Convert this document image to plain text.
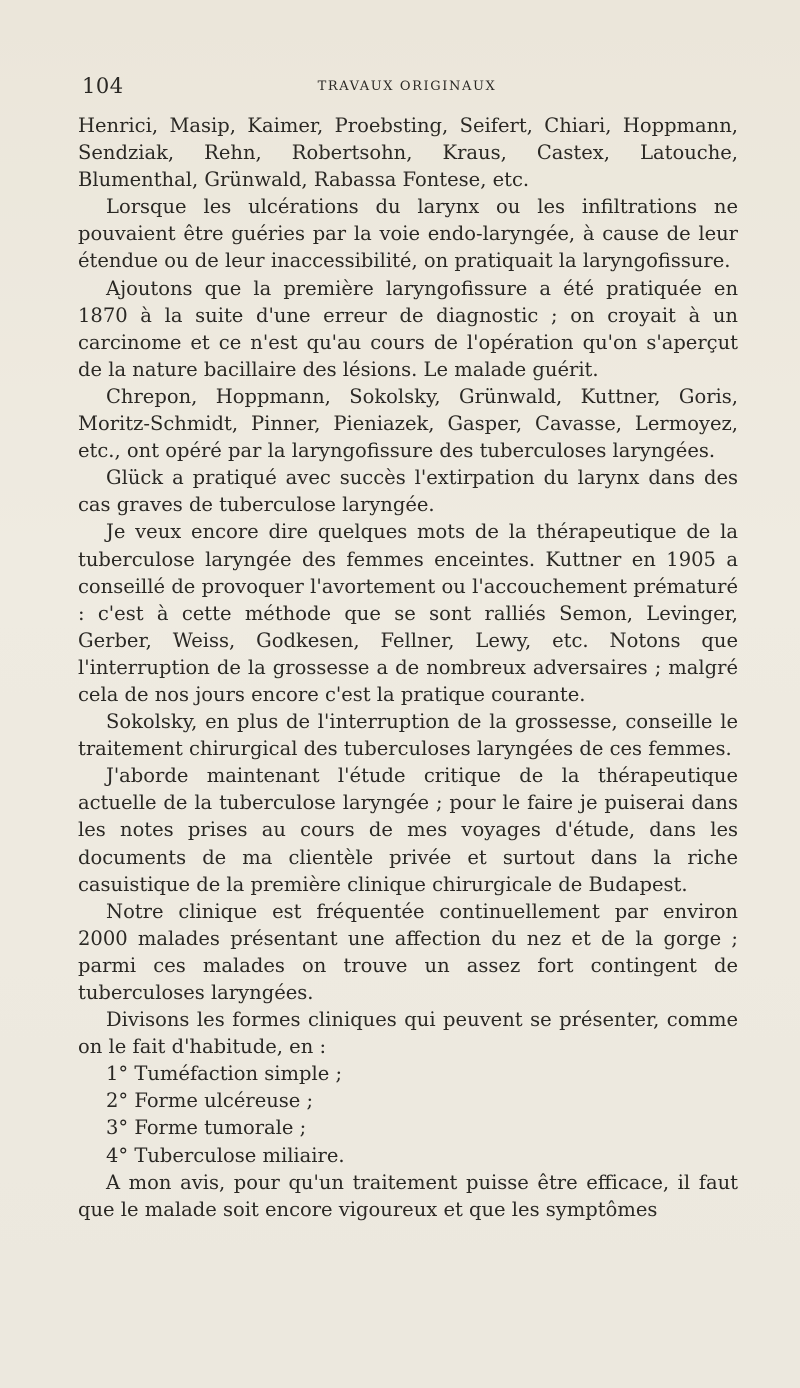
104	TRAVAUX ORIGINAUX

Henrici, Masip, Kaimer, Proebsting, Seifert, Chiari, Hoppmann, Sendziak, Rehn, Robertsohn, Kraus, Castex, Latouche, Blumenthal, Grünwald, Rabassa Fontese, etc.

Lorsque les ulcérations du larynx ou les infiltrations ne pouvaient être guéries par la voie endo-laryngée, à cause de leur étendue ou de leur inaccessibilité, on pratiquait la laryngofissure.

Ajoutons que la première laryngofissure a été pratiquée en 1870 à la suite d'une erreur de diagnostic ; on croyait à un carcinome et ce n'est qu'au cours de l'opération qu'on s'aperçut de la nature bacillaire des lésions. Le malade guérit.

Chrepon, Hoppmann, Sokolsky, Grünwald, Kuttner, Goris, Moritz-Schmidt, Pinner, Pieniazek, Gasper, Cavasse, Lermoyez, etc., ont opéré par la laryngofissure des tuberculoses laryngées.

Glück a pratiqué avec succès l'extirpation du larynx dans des cas graves de tuberculose laryngée.

Je veux encore dire quelques mots de la thérapeutique de la tuberculose laryngée des femmes enceintes. Kuttner en 1905 a conseillé de provoquer l'avortement ou l'accouchement prématuré : c'est à cette méthode que se sont ralliés Semon, Levinger, Gerber, Weiss, Godkesen, Fellner, Lewy, etc. Notons que l'interruption de la grossesse a de nombreux adversaires ; malgré cela de nos jours encore c'est la pratique courante.

Sokolsky, en plus de l'interruption de la grossesse, conseille le traitement chirurgical des tuberculoses laryngées de ces femmes.

J'aborde maintenant l'étude critique de la thérapeutique actuelle de la tuberculose laryngée ; pour le faire je puiserai dans les notes prises au cours de mes voyages d'étude, dans les documents de ma clientèle privée et surtout dans la riche casuistique de la première clinique chirurgicale de Budapest.

Notre clinique est fréquentée continuellement par environ 2000 malades présentant une affection du nez et de la gorge ; parmi ces malades on trouve un assez fort contingent de tuberculoses laryngées.

Divisons les formes cliniques qui peuvent se présenter, comme on le fait d'habitude, en :

1° Tuméfaction simple ;

2° Forme ulcéreuse ;

3° Forme tumorale ;

4° Tuberculose miliaire.

A mon avis, pour qu'un traitement puisse être efficace, il faut que le malade soit encore vigoureux et que les symptômes
